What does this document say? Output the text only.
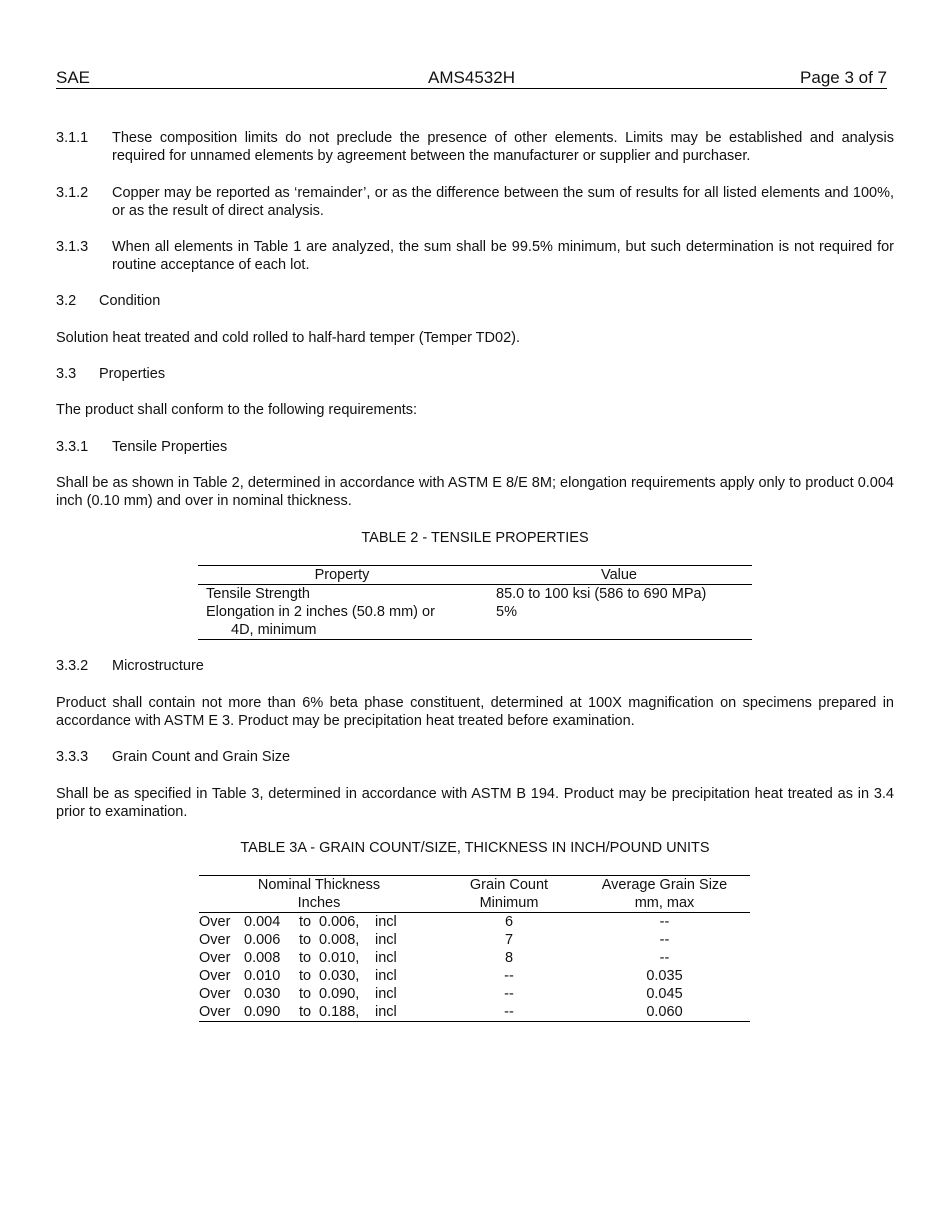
SAE	AMS4532H	Page 3 of 7
3.1.1 These composition limits do not preclude the presence of other elements. Limits may be established and analysis required for unnamed elements by agreement between the manufacturer or supplier and purchaser.
3.1.2 Copper may be reported as ‘remainder’, or as the difference between the sum of results for all listed elements and 100%, or as the result of direct analysis.
3.1.3 When all elements in Table 1 are analyzed, the sum shall be 99.5% minimum, but such determination is not required for routine acceptance of each lot.
3.2 Condition
Solution heat treated and cold rolled to half-hard temper (Temper TD02).
3.3 Properties
The product shall conform to the following requirements:
3.3.1 Tensile Properties
Shall be as shown in Table 2, determined in accordance with ASTM E 8/E 8M; elongation requirements apply only to product 0.004 inch (0.10 mm) and over in nominal thickness.
TABLE 2 - TENSILE PROPERTIES
Property	Value
Tensile Strength	85.0 to 100 ksi (586 to 690 MPa)
Elongation in 2 inches (50.8 mm) or
4D, minimum	5%
3.3.2 Microstructure
Product shall contain not more than 6% beta phase constituent, determined at 100X magnification on specimens prepared in accordance with ASTM E 3. Product may be precipitation heat treated before examination.
3.3.3 Grain Count and Grain Size
Shall be as specified in Table 3, determined in accordance with ASTM B 194. Product may be precipitation heat treated as in 3.4 prior to examination.
TABLE 3A - GRAIN COUNT/SIZE, THICKNESS IN INCH/POUND UNITS
Nominal Thickness	Grain Count	Average Grain Size
Inches	Minimum	mm, max
Over 0.004 to 0.006, incl	6	--
Over 0.006 to 0.008, incl	7	--
Over 0.008 to 0.010, incl	8	--
Over 0.010 to 0.030, incl	--	0.035
Over 0.030 to 0.090, incl	--	0.045
Over 0.090 to 0.188, incl	--	0.060
